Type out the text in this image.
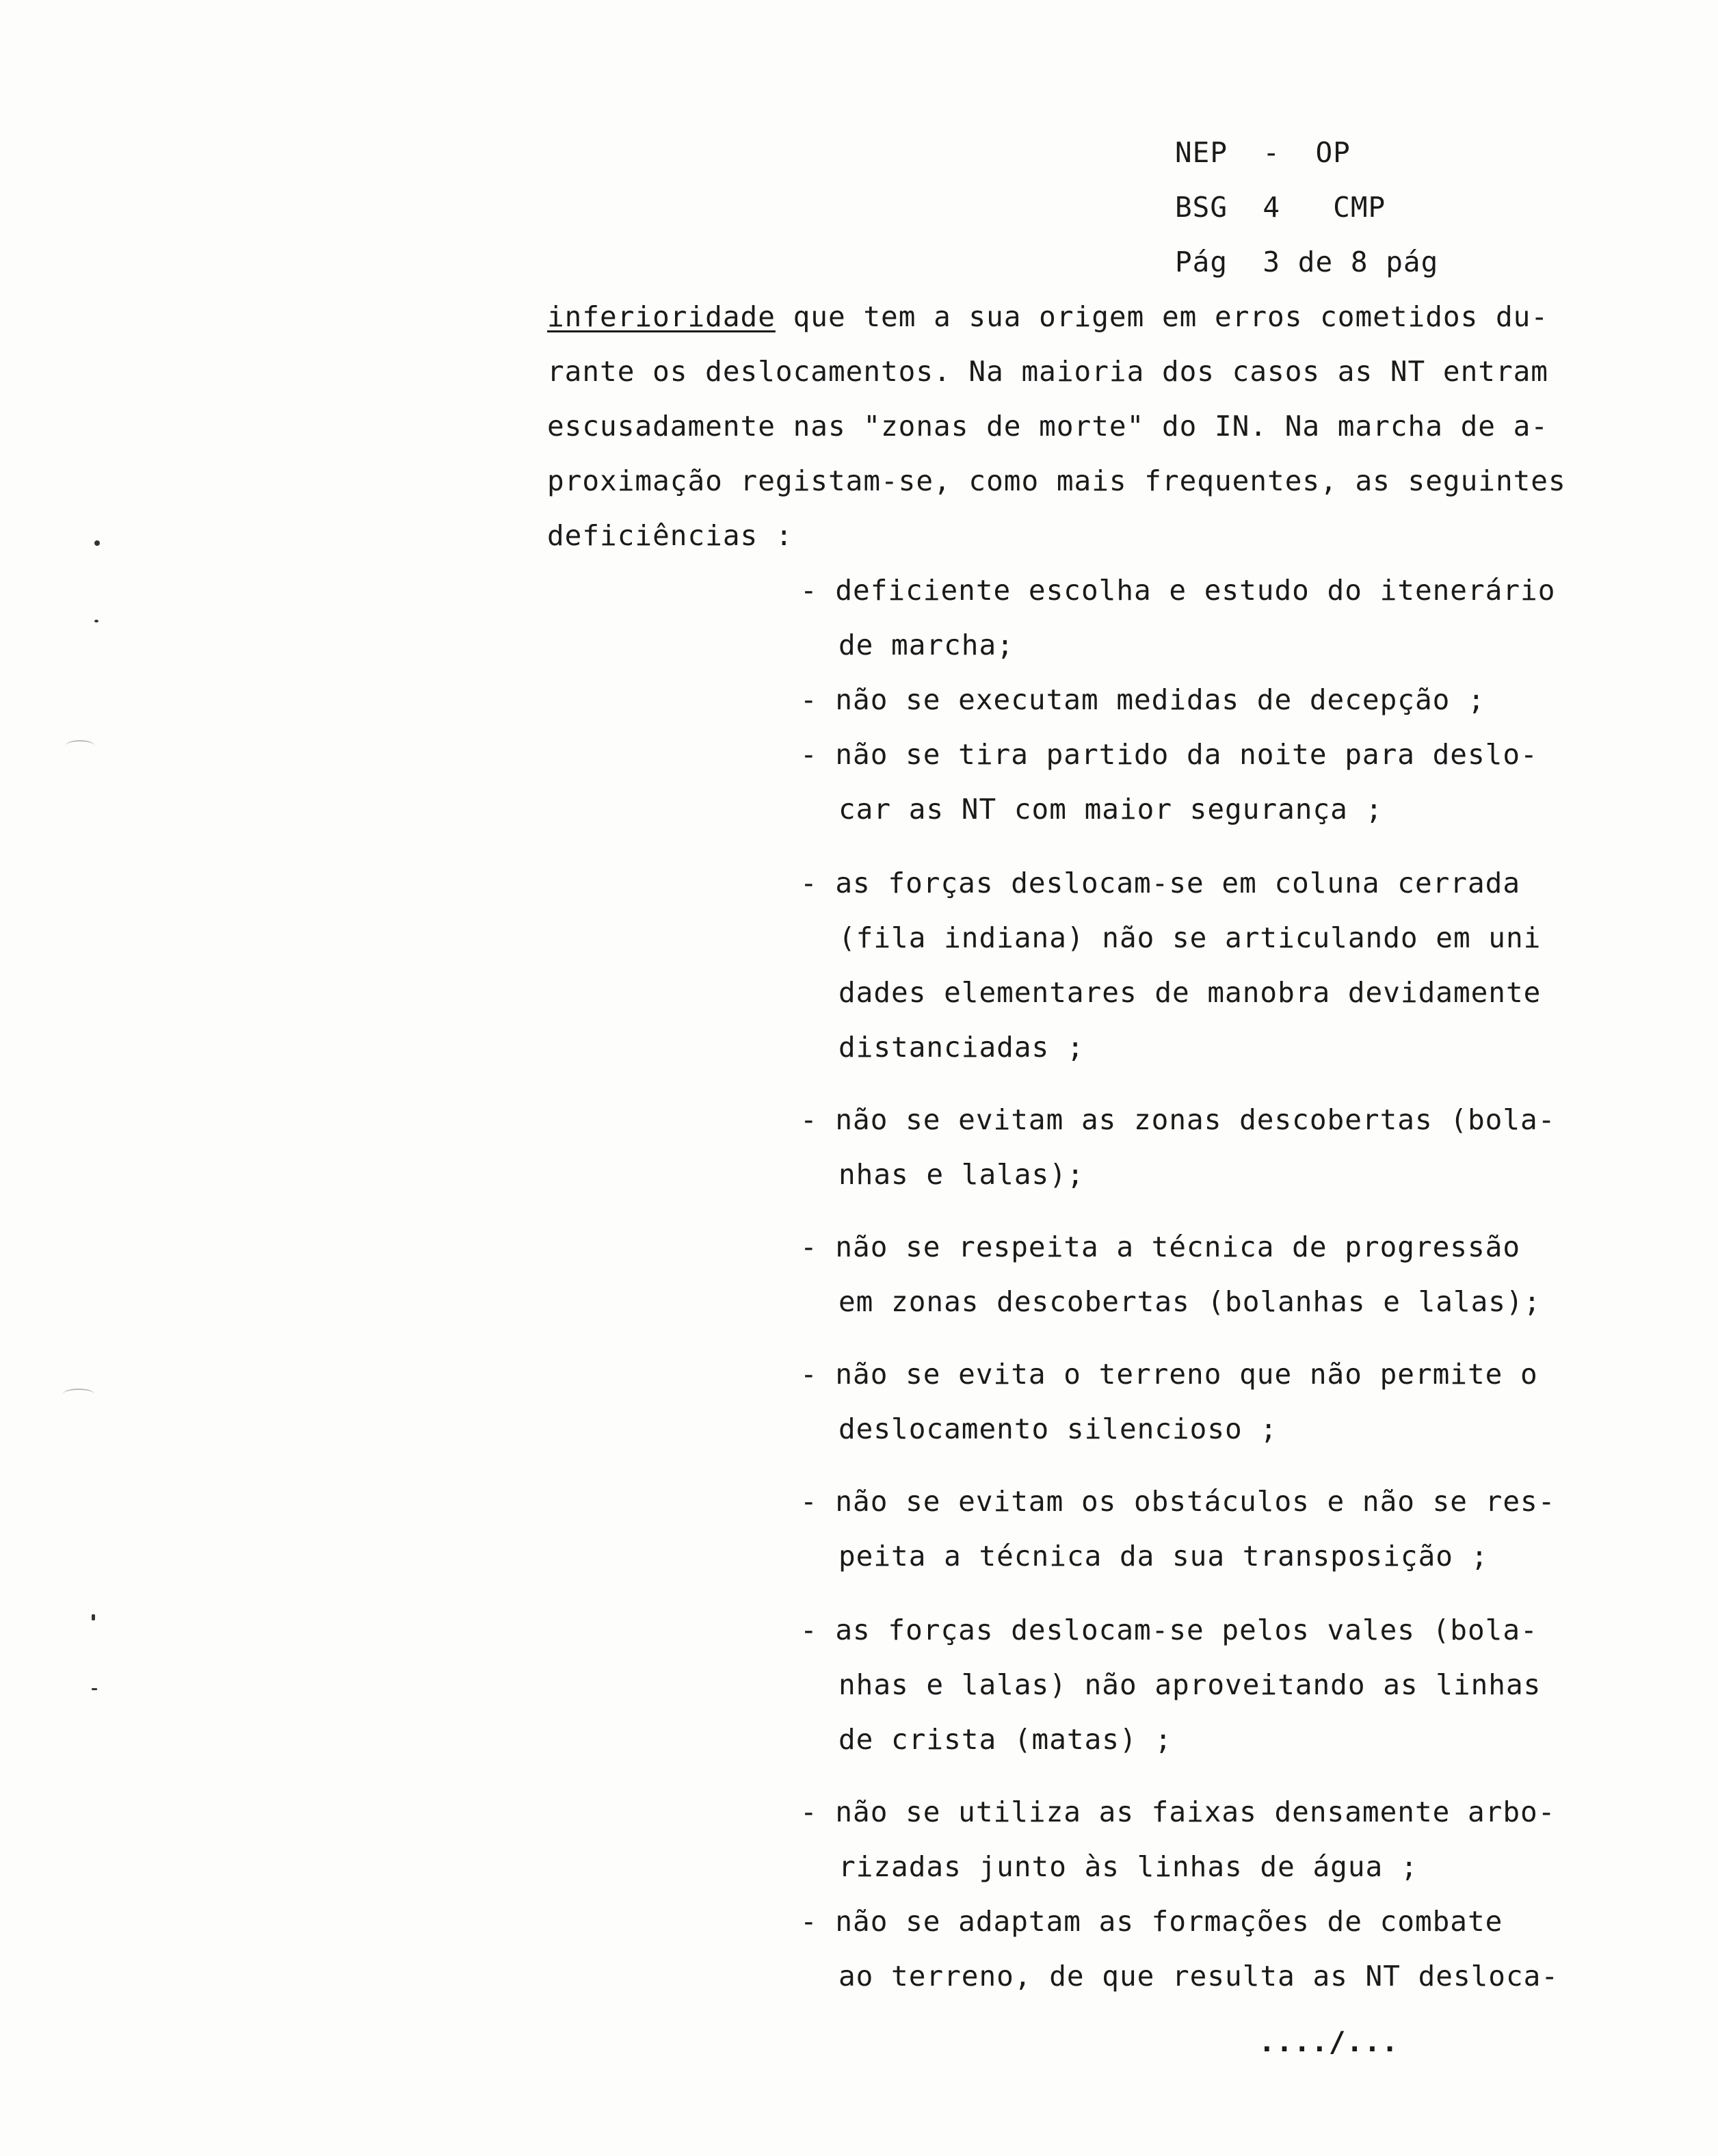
NEP  -  OP
BSG  4   CMP
Pág  3 de 8 pág
inferioridade que tem a sua origem em erros cometidos du-
rante os deslocamentos. Na maioria dos casos as NT entram
escusadamente nas "zonas de morte" do IN. Na marcha de a-
proximação registam-se, como mais frequentes, as seguintes
deficiências :
- deficiente escolha e estudo do itenerário
de marcha;
- não se executam medidas de decepção ;
- não se tira partido da noite para deslo-
car as NT com maior segurança ;
- as forças deslocam-se em coluna cerrada
(fila indiana) não se articulando em uni
dades elementares de manobra devidamente
distanciadas ;
- não se evitam as zonas descobertas (bola-
nhas e lalas);
- não se respeita a técnica de progressão
em zonas descobertas (bolanhas e lalas);
- não se evita o terreno que não permite o
deslocamento silencioso ;
- não se evitam os obstáculos e não se res-
peita a técnica da sua transposição ;
- as forças deslocam-se pelos vales (bola-
nhas e lalas) não aproveitando as linhas
de crista (matas) ;
- não se utiliza as faixas densamente arbo-
rizadas junto às linhas de água ;
- não se adaptam as formações de combate
ao terreno, de que resulta as NT desloca-
..../...
